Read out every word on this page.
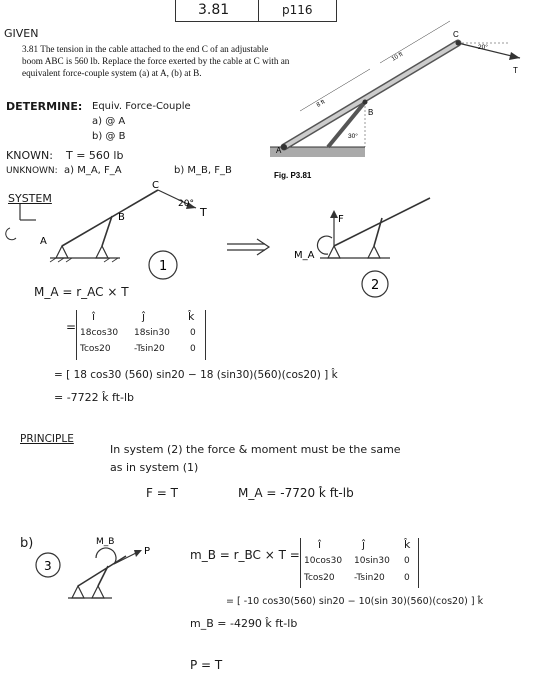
3.81	p116
GIVEN
3.81 The tension in the cable attached to the end C of an adjustable
boom ABC is 560 lb. Replace the force exerted by the cable at C with an
equivalent force-couple system (a) at A, (b) at B.
C
B
A
T
10 ft
8 ft
20°
30°
Fig. P3.81
DETERMINE: Equiv. Force-Couple
a) @ A
b) @ B
KNOWN: T = 560 lb
UNKNOWN: a) M_A, F_A	b) M_B, F_B
SYSTEM
C
B
A
T
20°
1
F
M_A
2
M_A = r_AC × T
=
î	ĵ	k̂
18cos30 18sin30 0
Tcos20	-Tsin20	0
= [ 18 cos30 (560) sin20 − 18 (sin30)(560)(cos20) ] k̂
= -7722 k̂ ft-lb
PRINCIPLE
In system (2) the force & moment must be the same
as in system (1)
F = T	M_A = -7720 k̂ ft-lb
b)
3
M_B
P	m_B = r_BC × T =
î	ĵ	k̂
10cos30 10sin30 0
Tcos20 -Tsin20 0
= [ -10 cos30(560) sin20 − 10(sin 30)(560)(cos20) ] k̂
m_B = -4290 k̂ ft-lb
P = T
